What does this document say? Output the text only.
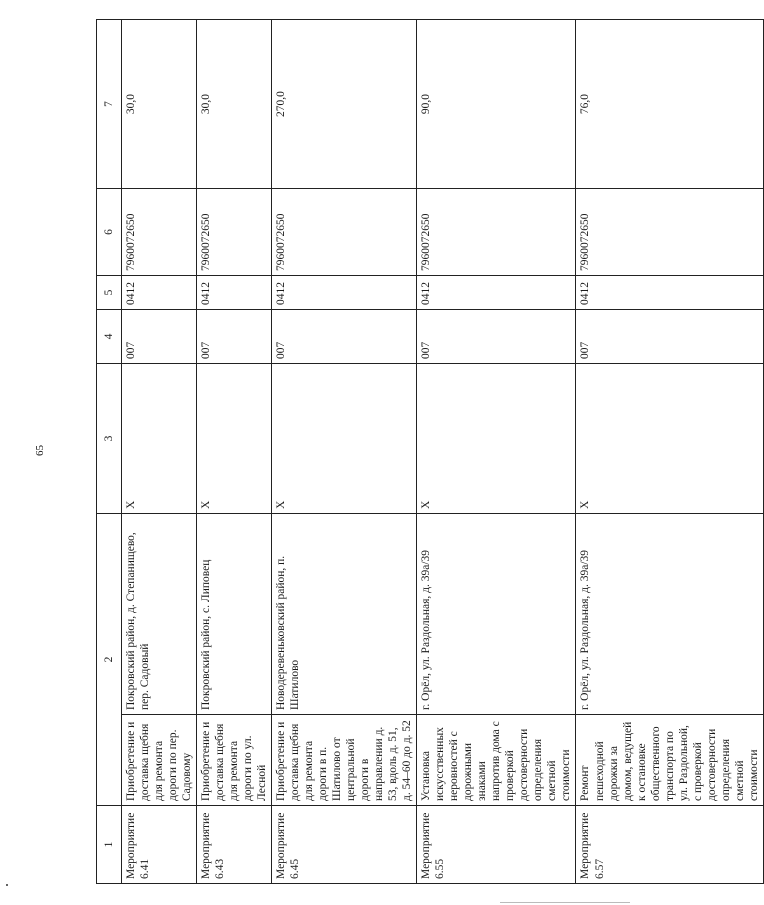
65
1	2		3	4	5	6	7
Мероприятие 6.41	Приобретение и доставка щебня для ремонта дороги по пер. Садовому	Покровский район, д. Степанищево, пер. Садовый	X	007	0412	7960072650	30,0
Мероприятие 6.43	Приобретение и доставка щебня для ремонта дороги по ул. Лесной	Покровский район, с. Липовец	X	007	0412	7960072650	30,0
Мероприятие 6.45	Приобретение и доставка щебня для ремонта дороги в п. Шатилово от центральной дороги в направлении д. 53, вдоль д. 51, д. 54–60 до д. 52	Новодеревеньковский район, п. Шатилово	X	007	0412	7960072650	270,0
Мероприятие 6.55	Установка искусственных неровностей с дорожными знаками напротив дома с проверкой достоверности определения сметной стоимости	г. Орёл, ул. Раздольная, д. 39а/39	X	007	0412	7960072650	90,0
Мероприятие 6.57	Ремонт пешеходной дорожки за домом, ведущей к остановке общественного транспорта по ул. Раздольной, с проверкой достоверности определения сметной стоимости	г. Орёл, ул. Раздольная, д. 39а/39	X	007	0412	7960072650	76,0
